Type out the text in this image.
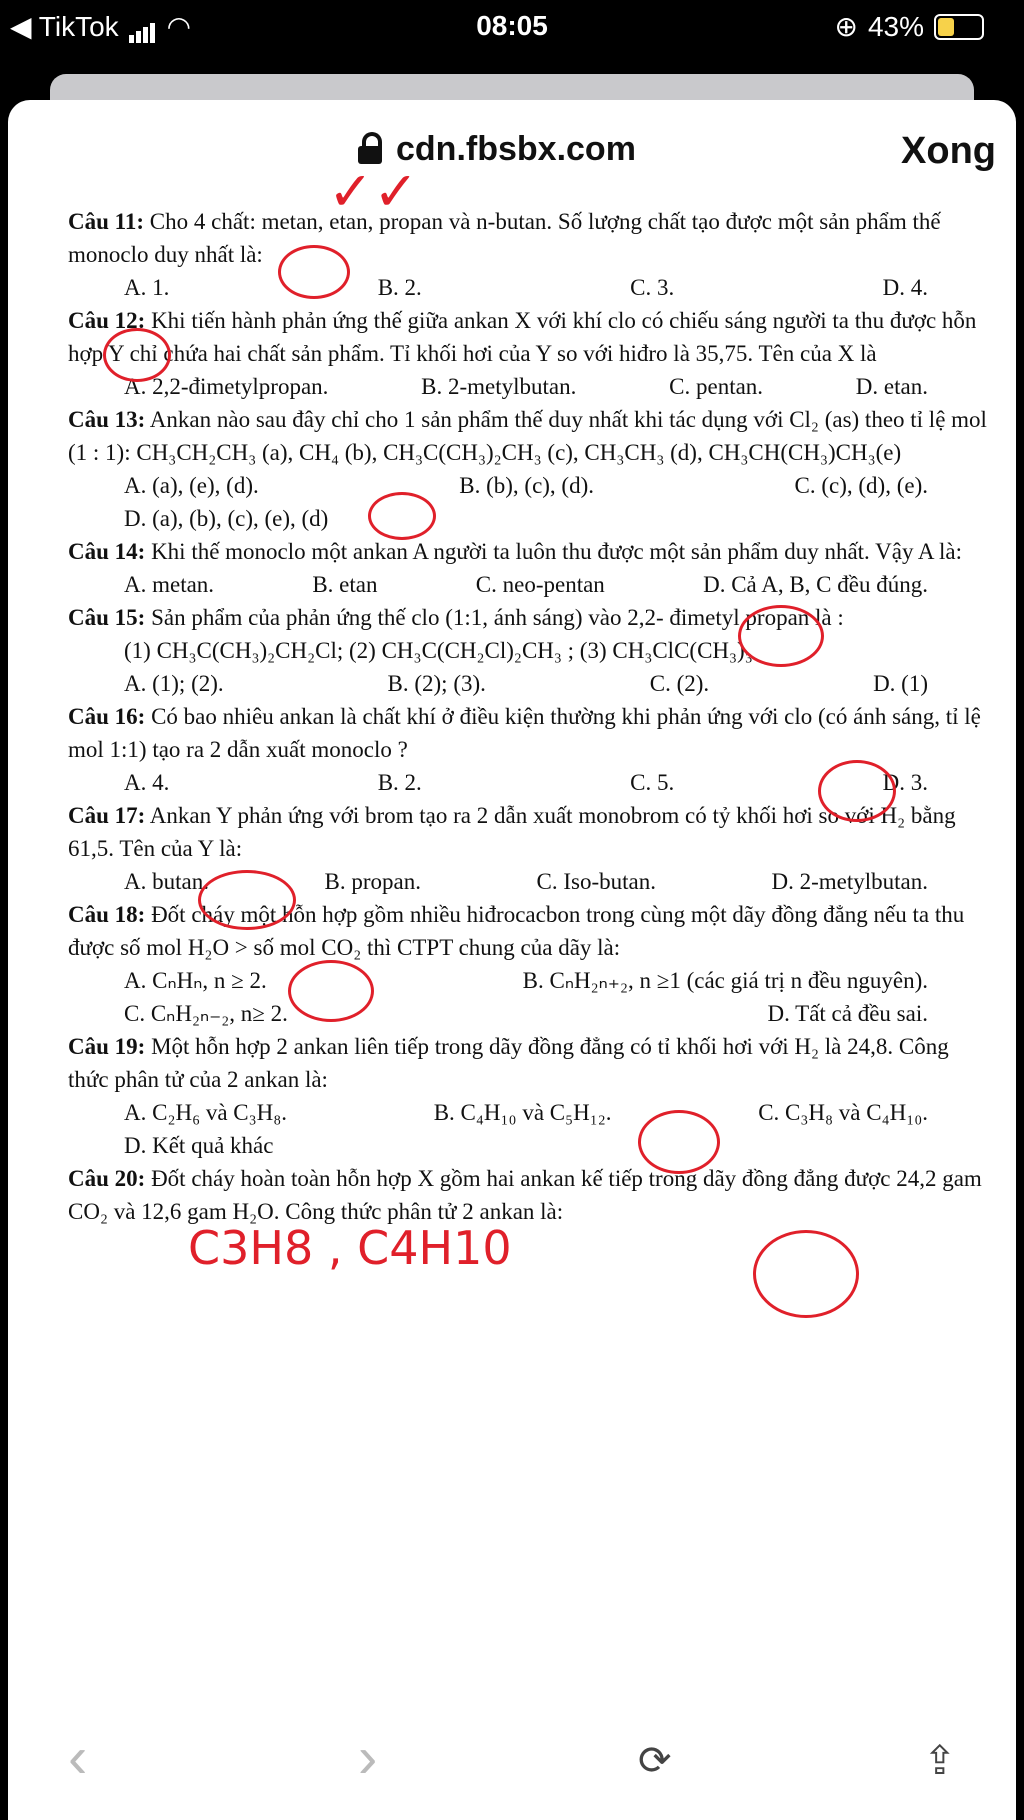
◀ TikTok ◠	08:05	⊕ 43%
cdn.fbsbx.com	Xong

Câu 11: Cho 4 chất: metan, etan, propan và n-butan. Số lượng chất tạo được một sản phẩm thế monoclo duy nhất là:

A. 1.	B. 2.	C. 3.	D. 4.

Câu 12: Khi tiến hành phản ứng thế giữa ankan X với khí clo có chiếu sáng người ta thu được hỗn hợp Y chỉ chứa hai chất sản phẩm. Tỉ khối hơi của Y so với hiđro là 35,75. Tên của X là

A. 2,2-đimetylpropan.	B. 2-metylbutan.	C. pentan.	D. etan.

Câu 13: Ankan nào sau đây chỉ cho 1 sản phẩm thế duy nhất khi tác dụng với Cl₂ (as) theo tỉ lệ mol (1 : 1): CH₃CH₂CH₃ (a), CH₄ (b), CH₃C(CH₃)₂CH₃ (c), CH₃CH₃ (d), CH₃CH(CH₃)CH₃(e)

A. (a), (e), (d).	B. (b), (c), (d).	C. (c), (d), (e).
D. (a), (b), (c), (e), (d)

Câu 14: Khi thế monoclo một ankan A người ta luôn thu được một sản phẩm duy nhất. Vậy A là:

A. metan.	B. etan	C. neo-pentan	D. Cả A, B, C đều đúng.

Câu 15: Sản phẩm của phản ứng thế clo (1:1, ánh sáng) vào 2,2- đimetyl propan là :

(1) CH₃C(CH₃)₂CH₂Cl; (2) CH₃C(CH₂Cl)₂CH₃ ; (3) CH₃ClC(CH₃)₃
A. (1); (2).	B. (2); (3).	C. (2).	D. (1)

Câu 16: Có bao nhiêu ankan là chất khí ở điều kiện thường khi phản ứng với clo (có ánh sáng, tỉ lệ mol 1:1) tạo ra 2 dẫn xuất monoclo ?

A. 4.	B. 2.	C. 5.	D. 3.

Câu 17: Ankan Y phản ứng với brom tạo ra 2 dẫn xuất monobrom có tỷ khối hơi so với H₂ bằng 61,5. Tên của Y là:

A. butan.	B. propan.	C. Iso-butan.	D. 2-metylbutan.

Câu 18: Đốt cháy một hỗn hợp gồm nhiều hiđrocacbon trong cùng một dãy đồng đẳng nếu ta thu được số mol H₂O > số mol CO₂ thì CTPT chung của dãy là:

A. CₙHₙ, n ≥ 2.	B. CₙH₂ₙ₊₂, n ≥1 (các giá trị n đều nguyên).
C. CₙH₂ₙ₋₂, n≥ 2.	D. Tất cả đều sai.

Câu 19: Một hỗn hợp 2 ankan liên tiếp trong dãy đồng đẳng có tỉ khối hơi với H₂ là 24,8. Công thức phân tử của 2 ankan là:

A. C₂H₆ và C₃H₈.	B. C₄H₁₀ và C₅H₁₂.	C. C₃H₈ và C₄H₁₀.
D. Kết quả khác

Câu 20: Đốt cháy hoàn toàn hỗn hợp X gồm hai ankan kế tiếp trong dãy đồng đẳng được 24,2 gam CO₂ và 12,6 gam H₂O. Công thức phân tử 2 ankan là:

C3H8 , C4H10
✓✓
‹	›	⟳	⇪
